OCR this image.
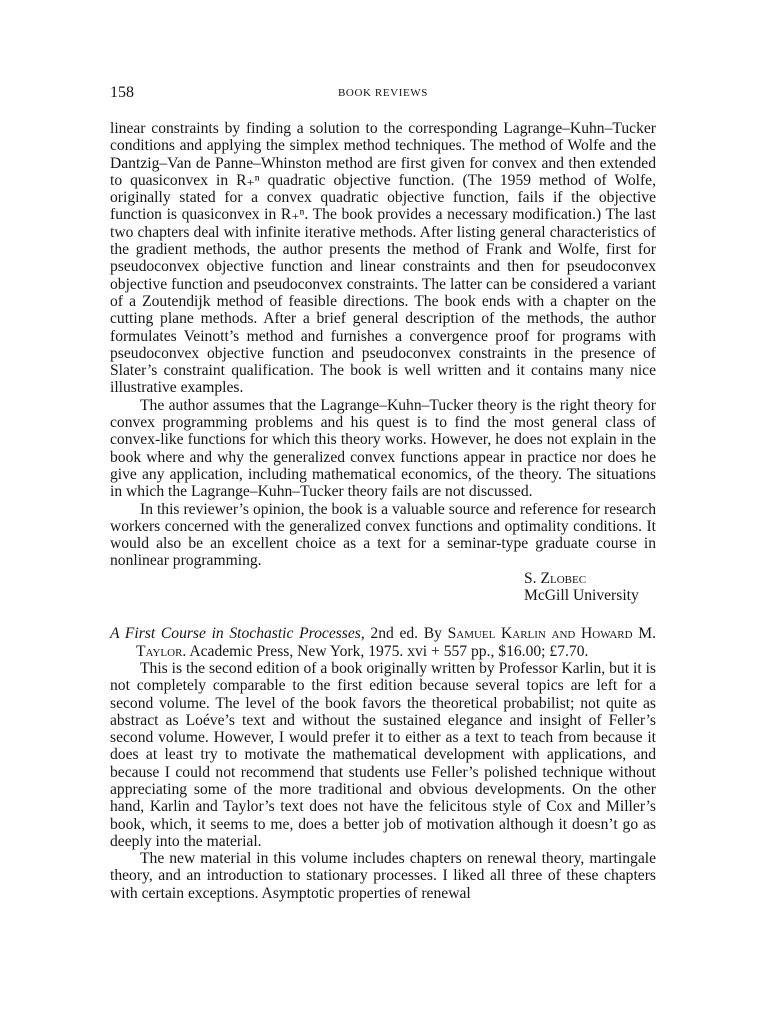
158	BOOK REVIEWS

linear constraints by finding a solution to the corresponding Lagrange–Kuhn–Tucker conditions and applying the simplex method techniques. The method of Wolfe and the Dantzig–Van de Panne–Whinston method are first given for convex and then extended to quasiconvex in R₊ⁿ quadratic objective function. (The 1959 method of Wolfe, originally stated for a convex quadratic objective function, fails if the objective function is quasiconvex in R₊ⁿ. The book provides a necessary modification.) The last two chapters deal with infinite iterative methods. After listing general characteristics of the gradient methods, the author presents the method of Frank and Wolfe, first for pseudoconvex objective function and linear constraints and then for pseudoconvex objective function and pseudoconvex constraints. The latter can be considered a variant of a Zoutendijk method of feasible directions. The book ends with a chapter on the cutting plane methods. After a brief general description of the methods, the author formulates Veinott’s method and furnishes a convergence proof for programs with pseudoconvex objective function and pseudoconvex constraints in the presence of Slater’s constraint qualification. The book is well written and it contains many nice illustrative examples.

The author assumes that the Lagrange–Kuhn–Tucker theory is the right theory for convex programming problems and his quest is to find the most general class of convex-like functions for which this theory works. However, he does not explain in the book where and why the generalized convex functions appear in practice nor does he give any application, including mathematical economics, of the theory. The situations in which the Lagrange–Kuhn–Tucker theory fails are not discussed.

In this reviewer’s opinion, the book is a valuable source and reference for research workers concerned with the generalized convex functions and optimality conditions. It would also be an excellent choice as a text for a seminar-type graduate course in nonlinear programming.

S. Zlobec
McGill University
A First Course in Stochastic Processes, 2nd ed. By Samuel Karlin and Howard M. Taylor. Academic Press, New York, 1975. xvi + 557 pp., $16.00; £7.70.

This is the second edition of a book originally written by Professor Karlin, but it is not completely comparable to the first edition because several topics are left for a second volume. The level of the book favors the theoretical probabilist; not quite as abstract as Loéve’s text and without the sustained elegance and insight of Feller’s second volume. However, I would prefer it to either as a text to teach from because it does at least try to motivate the mathematical development with applications, and because I could not recommend that students use Feller’s polished technique without appreciating some of the more traditional and obvious developments. On the other hand, Karlin and Taylor’s text does not have the felicitous style of Cox and Miller’s book, which, it seems to me, does a better job of motivation although it doesn’t go as deeply into the material.

The new material in this volume includes chapters on renewal theory, martingale theory, and an introduction to stationary processes. I liked all three of these chapters with certain exceptions. Asymptotic properties of renewal
